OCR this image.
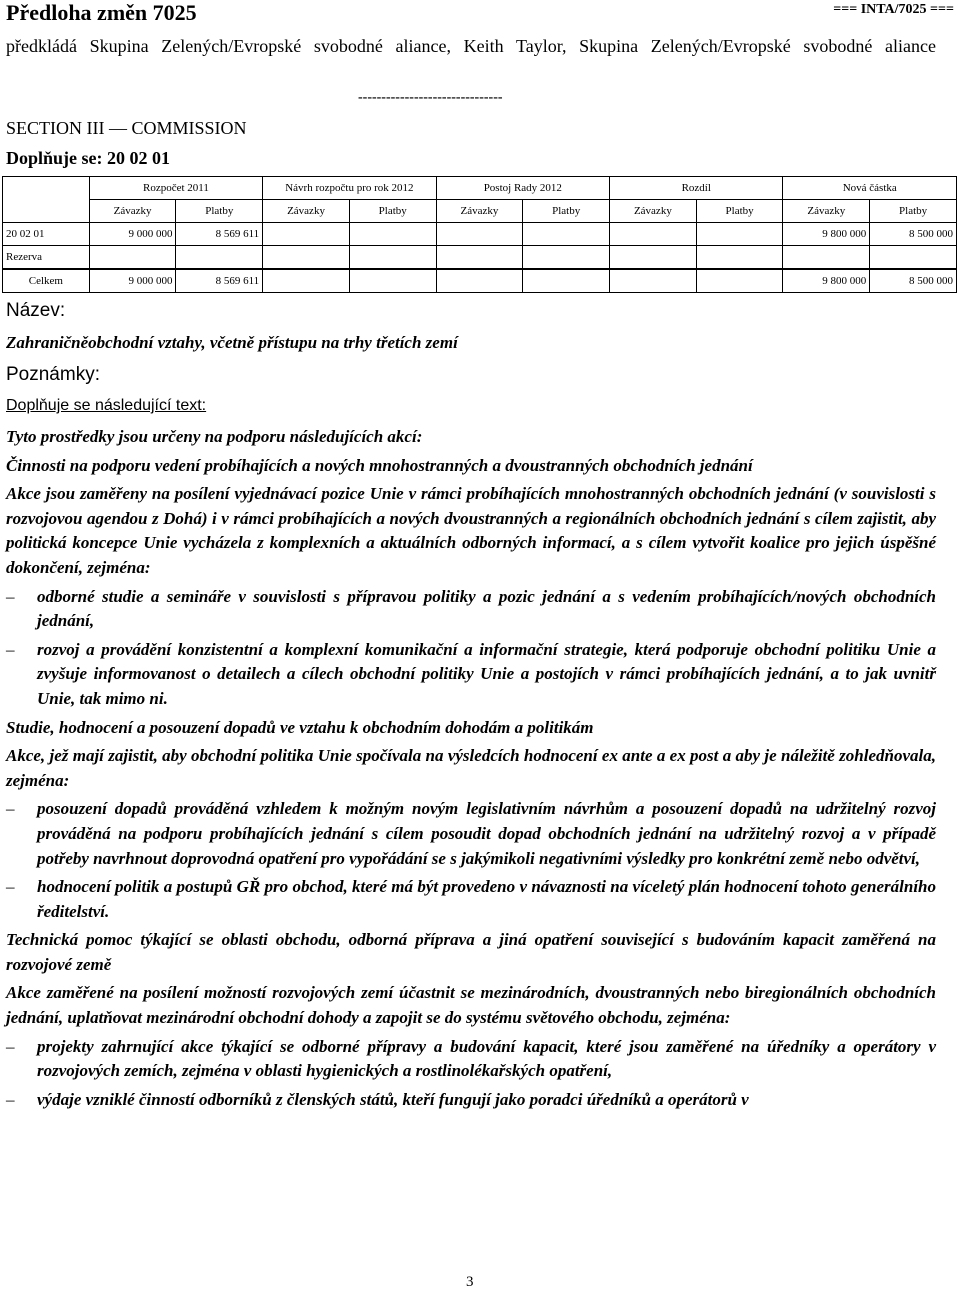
Předloha změn 7025	=== INTA/7025 ===
předkládá Skupina Zelených/Evropské svobodné aliance, Keith Taylor, Skupina Zelených/Evropské svobodné aliance
-------------------------------
SECTION III — COMMISSION
Doplňuje se: 20 02 01
	Rozpočet 2011		Návrh rozpočtu pro rok 2012		Postoj Rady 2012		Rozdíl		Nová částka	
	Závazky	Platby	Závazky	Platby	Závazky	Platby	Závazky	Platby	Závazky	Platby
20 02 01	9 000 000	8 569 611							9 800 000	8 500 000
Rezerva										
Celkem	9 000 000	8 569 611							9 800 000	8 500 000
Název:
Zahraničněobchodní vztahy, včetně přístupu na trhy třetích zemí
Poznámky:
Doplňuje se následující text:

Tyto prostředky jsou určeny na podporu následujících akcí:

Činnosti na podporu vedení probíhajících a nových mnohostranných a dvoustranných obchodních jednání

Akce jsou zaměřeny na posílení vyjednávací pozice Unie v rámci probíhajících mnohostranných obchodních jednání (v souvislosti s rozvojovou agendou z Dohá) i v rámci probíhajících a nových dvoustranných a regionálních obchodních jednání s cílem zajistit, aby politická koncepce Unie vycházela z komplexních a aktuálních odborných informací, a s cílem vytvořit koalice pro jejich úspěšné dokončení, zejména:

– odborné studie a semináře v souvislosti s přípravou politiky a pozic jednání a s vedením probíhajících/nových obchodních jednání,
– rozvoj a provádění konzistentní a komplexní komunikační a informační strategie, která podporuje obchodní politiku Unie a zvyšuje informovanost o detailech a cílech obchodní politiky Unie a postojích v rámci probíhajících jednání, a to jak uvnitř Unie, tak mimo ni.

Studie, hodnocení a posouzení dopadů ve vztahu k obchodním dohodám a politikám

Akce, jež mají zajistit, aby obchodní politika Unie spočívala na výsledcích hodnocení ex ante a ex post a aby je náležitě zohledňovala, zejména:

– posouzení dopadů prováděná vzhledem k možným novým legislativním návrhům a posouzení dopadů na udržitelný rozvoj prováděná na podporu probíhajících jednání s cílem posoudit dopad obchodních jednání na udržitelný rozvoj a v případě potřeby navrhnout doprovodná opatření pro vypořádání se s jakýmikoli negativními výsledky pro konkrétní země nebo odvětví,
– hodnocení politik a postupů GŘ pro obchod, které má být provedeno v návaznosti na víceletý plán hodnocení tohoto generálního ředitelství.

Technická pomoc týkající se oblasti obchodu, odborná příprava a jiná opatření související s budováním kapacit zaměřená na rozvojové země

Akce zaměřené na posílení možností rozvojových zemí účastnit se mezinárodních, dvoustranných nebo biregionálních obchodních jednání, uplatňovat mezinárodní obchodní dohody a zapojit se do systému světového obchodu, zejména:

– projekty zahrnující akce týkající se odborné přípravy a budování kapacit, které jsou zaměřené na úředníky a operátory v rozvojových zemích, zejména v oblasti hygienických a rostlinolékařských opatření,
– výdaje vzniklé činností odborníků z členských států, kteří fungují jako poradci úředníků a operátorů v
3
